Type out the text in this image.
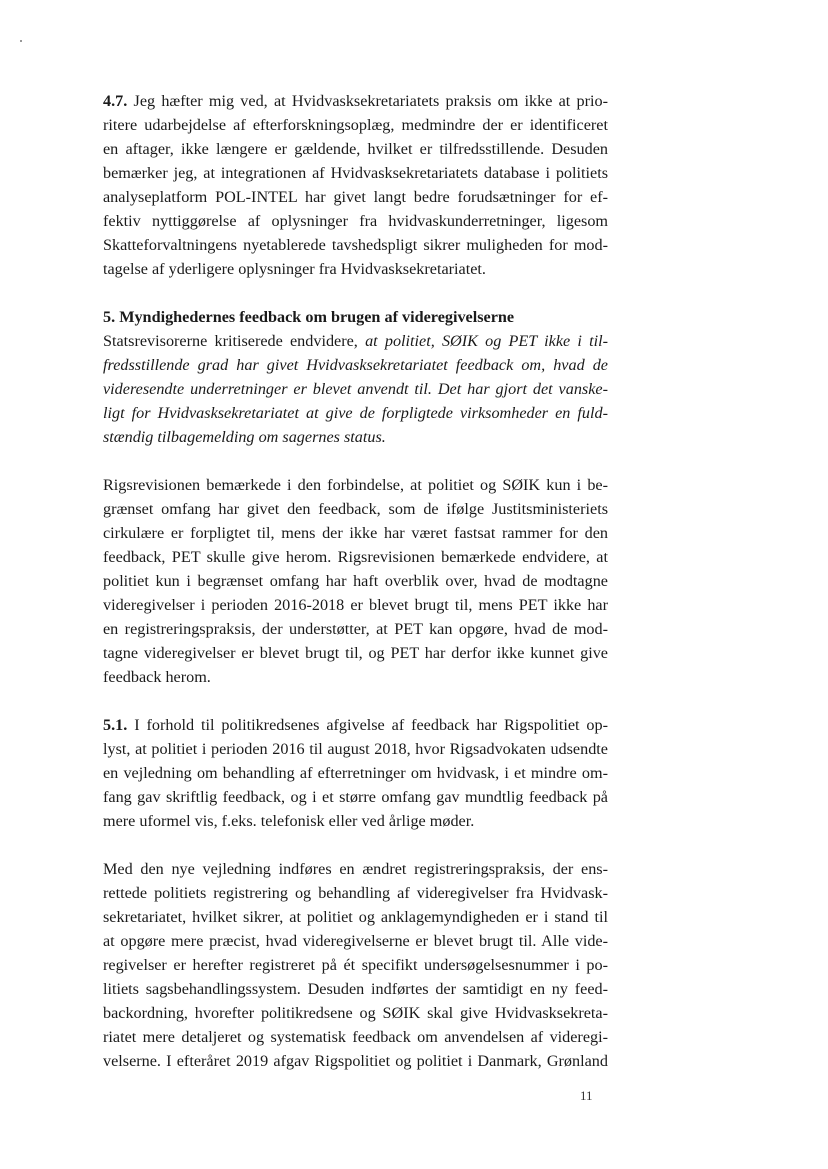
4.7. Jeg hæfter mig ved, at Hvidvasksekretariatets praksis om ikke at prio-
ritere udarbejdelse af efterforskningsoplæg, medmindre der er identificeret
en aftager, ikke længere er gældende, hvilket er tilfredsstillende. Desuden
bemærker jeg, at integrationen af Hvidvasksekretariatets database i politiets
analyseplatform POL-INTEL har givet langt bedre forudsætninger for ef-
fektiv nyttiggørelse af oplysninger fra hvidvaskunderretninger, ligesom
Skatteforvaltningens nyetablerede tavshedspligt sikrer muligheden for mod-
tagelse af yderligere oplysninger fra Hvidvasksekretariatet.
5. Myndighedernes feedback om brugen af videregivelserne
Statsrevisorerne kritiserede endvidere, at politiet, SØIK og PET ikke i til-
fredsstillende grad har givet Hvidvasksekretariatet feedback om, hvad de
videresendte underretninger er blevet anvendt til. Det har gjort det vanske-
ligt for Hvidvasksekretariatet at give de forpligtede virksomheder en fuld-
stændig tilbagemelding om sagernes status.
Rigsrevisionen bemærkede i den forbindelse, at politiet og SØIK kun i be-
grænset omfang har givet den feedback, som de ifølge Justitsministeriets
cirkulære er forpligtet til, mens der ikke har været fastsat rammer for den
feedback, PET skulle give herom. Rigsrevisionen bemærkede endvidere, at
politiet kun i begrænset omfang har haft overblik over, hvad de modtagne
videregivelser i perioden 2016-2018 er blevet brugt til, mens PET ikke har
en registreringspraksis, der understøtter, at PET kan opgøre, hvad de mod-
tagne videregivelser er blevet brugt til, og PET har derfor ikke kunnet give
feedback herom.
5.1. I forhold til politikredsenes afgivelse af feedback har Rigspolitiet op-
lyst, at politiet i perioden 2016 til august 2018, hvor Rigsadvokaten udsendte
en vejledning om behandling af efterretninger om hvidvask, i et mindre om-
fang gav skriftlig feedback, og i et større omfang gav mundtlig feedback på
mere uformel vis, f.eks. telefonisk eller ved årlige møder.
Med den nye vejledning indføres en ændret registreringspraksis, der ens-
rettede politiets registrering og behandling af videregivelser fra Hvidvask-
sekretariatet, hvilket sikrer, at politiet og anklagemyndigheden er i stand til
at opgøre mere præcist, hvad videregivelserne er blevet brugt til. Alle vide-
regivelser er herefter registreret på ét specifikt undersøgelsesnummer i po-
litiets sagsbehandlingssystem. Desuden indførtes der samtidigt en ny feed-
backordning, hvorefter politikredsene og SØIK skal give Hvidvasksekreta-
riatet mere detaljeret og systematisk feedback om anvendelsen af videregi-
velserne. I efteråret 2019 afgav Rigspolitiet og politiet i Danmark, Grønland
11
